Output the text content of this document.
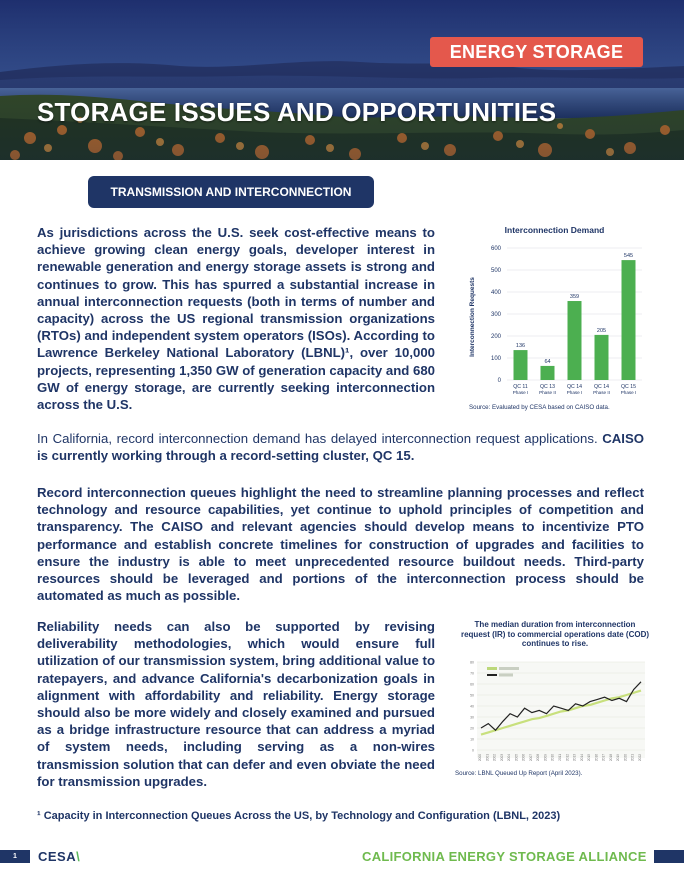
ENERGY STORAGE
STORAGE ISSUES AND OPPORTUNITIES
TRANSMISSION AND INTERCONNECTION

As jurisdictions across the U.S. seek cost-effective means to achieve growing clean energy goals, developer interest in renewable generation and energy storage assets is strong and continues to grow. This has spurred a substantial increase in annual interconnection requests (both in terms of number and capacity) across the US regional transmission organizations (RTOs) and independent system operators (ISOs). According to Lawrence Berkeley National Laboratory (LBNL)¹, over 10,000 projects, representing 1,350 GW of generation capacity and 680 GW of energy storage, are currently seeking interconnection across the U.S.

Interconnection Demand
Interconnection Requests
0
100
200
300
400
500
600
136
QC 11
Phase I
64
QC 13
Phase II
359
QC 14
Phase I
205
QC 14
Phase II
545
QC 15
Phase I
Source: Evaluated by CESA based on CAISO data.

In California, record interconnection demand has delayed interconnection request applications. CAISO is currently working through a record-setting cluster, QC 15.

Record interconnection queues highlight the need to streamline planning processes and reflect technology and resource capabilities, yet continue to uphold principles of competition and transparency. The CAISO and relevant agencies should develop means to incentivize PTO performance and establish concrete timelines for construction of upgrades and facilities to ensure the industry is able to meet unprecedented resource buildout needs. Third-party resources should be leveraged and portions of the interconnection process should be automated as much as possible.

Reliability needs can also be supported by revising deliverability methodologies, which would ensure full utilization of our transmission system, bring additional value to ratepayers, and advance California's decarbonization goals in alignment with affordability and reliability. Energy storage should also be more widely and closely examined and pursued as a bridge infrastructure resource that can address a myriad of system needs, including serving as a non-wires transmission solution that can defer and even obviate the need for transmission upgrades.

The median duration from interconnection request (IR) to commercial operations date (COD) continues to rise.
0
10
20
30
40
50
60
70
80
2000 2001 2002 2003 2004 2005 2006 2007 2008 2009 2010 2011 2012 2013 2014 2015 2016 2017 2018 2019 2020 2021 2022
Source: LBNL Queued Up Report (April 2023).
¹ Capacity in Interconnection Queues Across the US, by Technology and Configuration (LBNL, 2023)
1	CESA\	CALIFORNIA ENERGY STORAGE ALLIANCE
